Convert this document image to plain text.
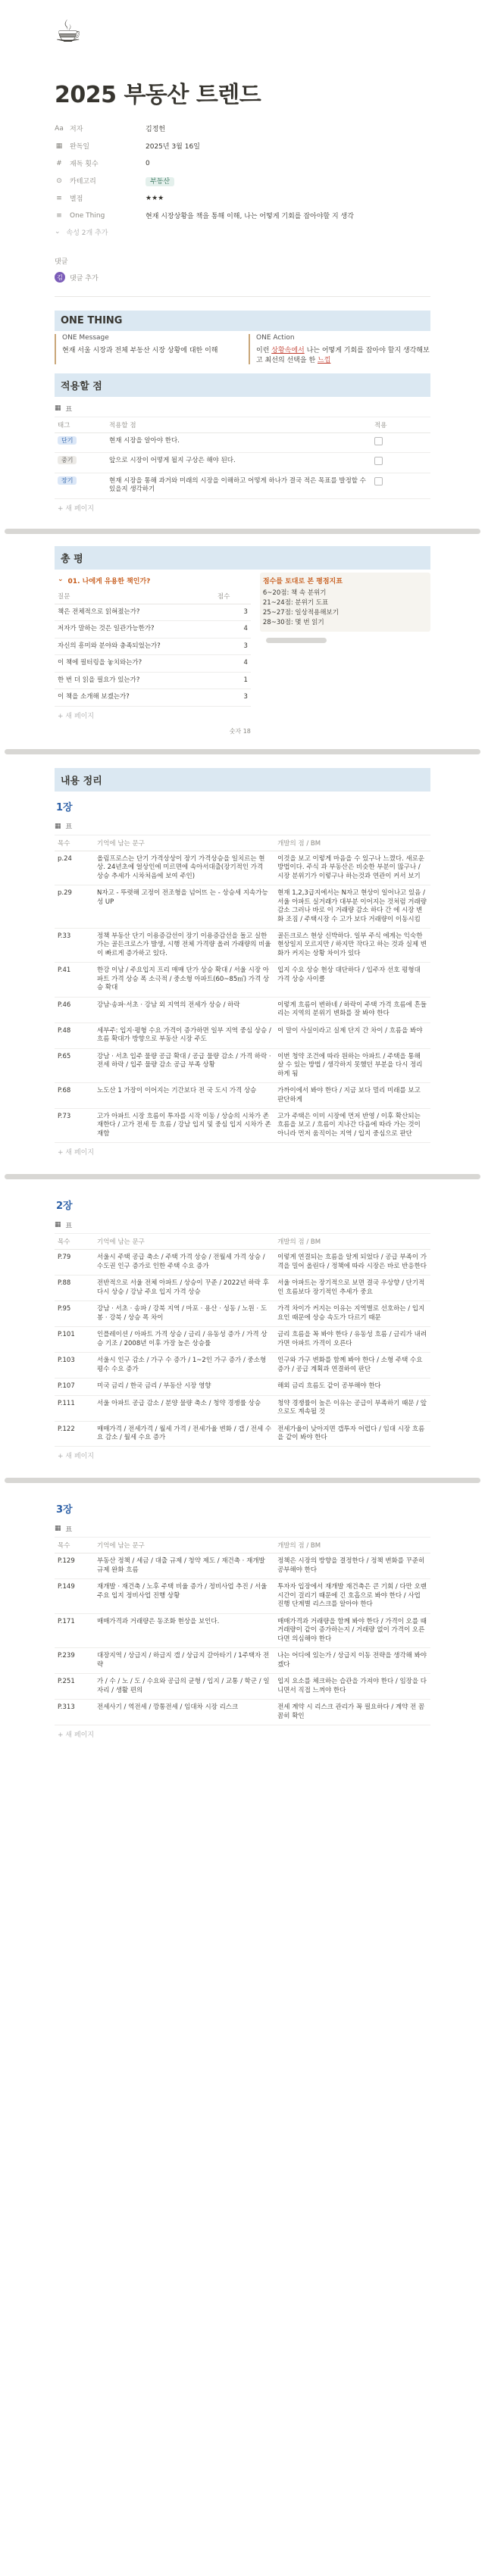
☕
2025 부동산 트렌드
Aa 저자	김정헌
▦ 완독일	2025년 3월 16일
# 재독 횟수	0
⊙ 카테고리	부동산
≡ 별점	★★★
≡ One Thing	현재 시장상황을 책을 통해 이해, 나는 어떻게 기회를 잡아야할 지 생각
⌄ 속성 2개 추가
댓글
김	댓글 추가
ONE THING
ONE Message
현재 서울 시장과 전체 부동산 시장 상황에 대한 이해
ONE Action
이런 상황속에서 나는 어떻게 기회를 잡아야 할지 생각해보고 최선의 선택을 한 느낌
적용할 점
▦ 표
태그	적용할 점	적용
단기	현재 시장을 알아야 한다.	
중기	앞으로 시장이 어떻게 될지 구상은 해야 된다.	
장기	현재 시장을 통해 과거와 미래의 시장을 이해하고 어떻게 하나가 결국 적은 목표를 발정할 수 있을지 생각하기	
+ 새 페이지
총 평
⌄ 01. 나에게 유용한 책인가?
질문	점수
책은 전체적으로 읽혀졌는가?	3
저자가 말하는 것은 일관가능한가?	4
자신의 흥미와 분야와 충족되었는가?	3
이 책에 필터링을 놓치와는가?	4
한 번 더 읽을 필요가 있는가?	1
이 책을 소개해 보겠는가?	3
+ 새 페이지
숫자 18
점수를 토대로 본 평점지표
6~20점: 책 속 분위기
21~24점: 분위기 도표
25~27점: 일상적용해보기
28~30점: 몇 번 읽기
내용 정리
1장
▦ 표
목수	기억에 남는 문구	개발의 점 / BM
p.24	올림프로스는 단기 가격상상이 장기 가격상승을 일치르는 현상. 24년초에 얼상인에 미르면에 속아서대출(장기적인 가격 상승 추세가 시차처음에 보여 주인)	이것을 보고 이렇게 마음을 수 있구나 느꼈다. 새로운 방법이다. 주식 과 부동산은 비슷한 부분이 많구나 / 시장 분위기가 이렇구나 하는것과 연관이 커서 보기
p.29	N자고 - 뚜렷해 고정이 전조형을 넘어뜨 는 - 상승세 지속가능성 UP	현재 1,2,3급지에서는 N자고 현상이 일어나고 있음 / 서울 아파트 실거래가 대부분 이어지는 것처럼 거래량 감소 그러나 바로 이 거래량 감소 하다 간 에 시장 변화 조짐 / 주택시장 수 고가 보다 거래량이 이동시킴
P.33	정책 부동산 단기 이용증감선이 장기 이용증감선을 돌고 실한 가는 골든크로스가 발생, 시행 전체 가격량 올려 가래량의 비율이 빠르게 증가하고 있다.	골든크로스 현상 신박하다. 일부 주식 에게는 익숙한 현상일지 모르지만 / 하지만 작다고 하는 것과 실제 변화가 커지는 상황 차이가 있다
P.41	한강 이남 / 주요입지 프리 매매 단가 상승 확대 / 서울 시장 아파트 가격 상승 폭 소극적 / 중소형 아파트(60~85㎡) 가격 상승 확대	입지 수요 상승 현상 대단하다 / 입주자 선호 평형대 가격 상승 사이클
P.46	강남·송파·서초 · 강남 외 지역의 전세가 상승 / 하락	이렇게 흐름이 변하네 / 하락이 주택 가격 흐름에 흔들리는 지역의 분위기 변화를 잘 봐야 한다
P.48	세부주: 입지·평형 수요 가격이 증가하면 일부 지역 중심 상승 / 흐름 확대가 방향으로 부동산 시장 주도	이 말이 사실이라고 실제 단지 간 차이 / 흐름을 봐야
P.65	강남 · 서초 입주 물량 공급 확대 / 공급 물량 감소 / 가격 하락 · 전세 하락 / 입주 물량 감소 공급 부족 상황	이번 청약 조건에 따라 원하는 아파트 / 주택을 통해 살 수 있는 방법 / 생각하지 못했던 부분을 다시 정리하게 됨
P.68	노도산 1 가장이 이어지는 기간보다 전 국 도시 가격 상승	가까이에서 봐야 한다 / 지금 보다 멀리 미래를 보고 판단하게
P.73	고가 아파트 시장 흐름이 투자를 시작 이동 / 상승의 시차가 존재한다 / 고가 전세 등 흐름 / 강남 입지 및 중심 입지 시차가 존재함	고가 주택은 이미 시장에 먼저 반영 / 이후 확산되는 흐름을 보고 / 흐름이 지나간 다음에 따라 가는 것이 아니라 먼저 움직이는 지역 / 입지 중심으로 판단
+ 새 페이지
2장
▦ 표
목수	기억에 남는 문구	개발의 점 / BM
P.79	서울시 주택 공급 축소 / 주택 가격 상승 / 전월세 가격 상승 / 수도권 인구 증가로 인한 주택 수요 증가	이렇게 연결되는 흐름을 알게 되었다 / 공급 부족이 가격을 밀어 올린다 / 정책에 따라 시장은 바로 반응한다
P.88	전반적으로 서울 전체 아파트 / 상승이 꾸준 / 2022년 하락 후 다시 상승 / 강남 주요 입지 가격 상승	서울 아파트는 장기적으로 보면 결국 우상향 / 단기적인 흐름보다 장기적인 추세가 중요
P.95	강남 · 서초 · 송파 / 강북 지역 / 마포 · 용산 · 성동 / 노원 · 도봉 · 강북 / 상승 폭 차이	가격 차이가 커지는 이유는 지역별로 선호하는 / 입지 요인 때문에 상승 속도가 다르기 때문
P.101	인플레이션 / 아파트 가격 상승 / 금리 / 유동성 증가 / 가격 상승 기조 / 2008년 이후 가장 높은 상승률	금리 흐름을 꼭 봐야 한다 / 유동성 흐름 / 금리가 내려가면 아파트 가격이 오른다
P.103	서울시 인구 감소 / 가구 수 증가 / 1~2인 가구 증가 / 중소형 평수 수요 증가	인구와 가구 변화를 함께 봐야 한다 / 소형 주택 수요 증가 / 공급 계획과 연결하여 판단
P.107	미국 금리 / 한국 금리 / 부동산 시장 영향	해외 금리 흐름도 같이 공부해야 한다
P.111	서울 아파트 공급 감소 / 분양 물량 축소 / 청약 경쟁률 상승	청약 경쟁률이 높은 이유는 공급이 부족하기 때문 / 앞으로도 계속될 것
P.122	매매가격 / 전세가격 / 월세 가격 / 전세가율 변화 / 갭 / 전세 수요 감소 / 월세 수요 증가	전세가율이 낮아지면 갭투자 어렵다 / 임대 시장 흐름을 같이 봐야 한다
+ 새 페이지
3장
▦ 표
목수	기억에 남는 문구	개발의 점 / BM
P.129	부동산 정책 / 세금 / 대출 규제 / 청약 제도 / 재건축 · 재개발 규제 완화 흐름	정책은 시장의 방향을 결정한다 / 정책 변화를 꾸준히 공부해야 한다
P.149	재개발 · 재건축 / 노후 주택 비율 증가 / 정비사업 추진 / 서울 주요 입지 정비사업 진행 상황	투자자 입장에서 재개발 재건축은 큰 기회 / 다만 오랜 시간이 걸리기 때문에 긴 호흡으로 봐야 한다 / 사업 진행 단계별 리스크를 알아야 한다
P.171	매매가격과 거래량은 동조화 현상을 보인다.	매매가격과 거래량을 함께 봐야 한다 / 가격이 오를 때 거래량이 같이 증가하는지 / 거래량 없이 가격이 오른다면 의심해야 한다
P.239	대장지역 / 상급지 / 하급지 갭 / 상급지 갈아타기 / 1주택자 전략	나는 어디에 있는가 / 상급지 이동 전략을 생각해 봐야겠다
P.251	가 / 수 / 노 / 도 / 수요와 공급의 균형 / 입지 / 교통 / 학군 / 일자리 / 생활 편의	입지 요소를 체크하는 습관을 가져야 한다 / 임장을 다니면서 직접 느껴야 한다
P.313	전세사기 / 역전세 / 깡통전세 / 임대차 시장 리스크	전세 계약 시 리스크 관리가 꼭 필요하다 / 계약 전 꼼꼼히 확인
+ 새 페이지
